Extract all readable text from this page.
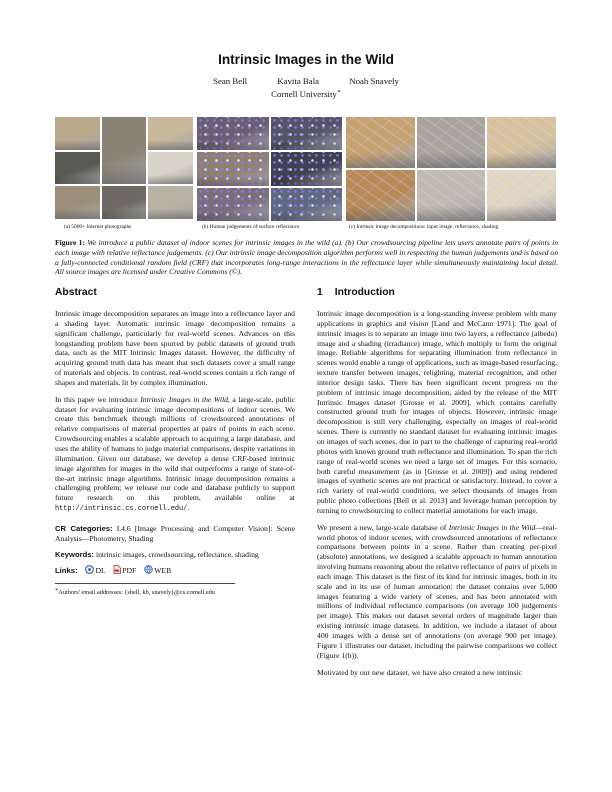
Intrinsic Images in the Wild
Sean Bell	Kavita Bala	Noah Snavely
Cornell University∗
(a) 5000+ Internet photographs	(b) Human judgements of surface reflectance	(c) Intrinsic image decompositions: input image, reflectance, shading
Figure 1: We introduce a public dataset of indoor scenes for intrinsic images in the wild (a). (b) Our crowdsourcing pipeline lets users annotate pairs of points in each image with relative reflectance judgements. (c) Our intrinsic image decomposition algorithm performs well in respecting the human judgements and is based on a fully-connected conditional random field (CRF) that incorporates long-range interactions in the reflectance layer while simultaneously maintaining local detail. All source images are licensed under Creative Commons (©).
Abstract

Intrinsic image decomposition separates an image into a reflectance layer and a shading layer. Automatic intrinsic image decomposition remains a significant challenge, particularly for real-world scenes. Advances on this longstanding problem have been spurred by public datasets of ground truth data, such as the MIT Intrinsic Images dataset. However, the difficulty of acquiring ground truth data has meant that such datasets cover a small range of materials and objects. In contrast, real-world scenes contain a rich range of shapes and materials, lit by complex illumination.

In this paper we introduce Intrinsic Images in the Wild, a large-scale, public dataset for evaluating intrinsic image decompositions of indoor scenes. We create this benchmark through millions of crowdsourced annotations of relative comparisons of material properties at pairs of points in each scene. Crowdsourcing enables a scalable approach to acquiring a large database, and uses the ability of humans to judge material comparisons, despite variations in illumination. Given our database, we develop a dense CRF-based intrinsic image algorithm for images in the wild that outperforms a range of state-of-the-art intrinsic image algorithms. Intrinsic image decomposition remains a challenging problem; we release our code and database publicly to support future research on this problem, available online at http://intrinsic.cs.cornell.edu/.

CR Categories: I.4.6 [Image Processing and Computer Vision]: Scene Analysis—Photometry, Shading
Keywords: intrinsic images, crowdsourcing, reflectance, shading
Links: DL PDF WEB
∗Authors' email addresses: {sbell, kb, snavely}@cs.cornell.edu
1 Introduction

Intrinsic image decomposition is a long-standing inverse problem with many applications in graphics and vision [Land and McCann 1971]. The goal of intrinsic images is to separate an image into two layers, a reflectance (albedo) image and a shading (irradiance) image, which multiply to form the original image. Reliable algorithms for separating illumination from reflectance in scenes would enable a range of applications, such as image-based resurfacing, texture transfer between images, relighting, material recognition, and other interior design tasks. There has been significant recent progress on the problem of intrinsic image decomposition, aided by the release of the MIT Intrinsic Images dataset [Grosse et al. 2009], which contains carefully constructed ground truth for images of objects. However, intrinsic image decomposition is still very challenging, especially on images of real-world scenes. There is currently no standard dataset for evaluating intrinsic images on images of such scenes, due in part to the challenge of capturing real-world photos with known ground truth reflectance and illumination. To span the rich range of real-world scenes we need a large set of images. For this scenario, both careful measurement (as in [Grosse et al. 2009]) and using rendered images of synthetic scenes are not practical or satisfactory. Instead, to cover a rich variety of real-world conditions, we select thousands of images from public photo collections [Bell et al. 2013] and leverage human perception by turning to crowdsourcing to collect material annotations for each image.

We present a new, large-scale database of Intrinsic Images in the Wild—real-world photos of indoor scenes, with crowdsourced annotations of reflectance comparisons between points in a scene. Rather than creating per-pixel (absolute) annotations, we designed a scalable approach to human annotation involving humans reasoning about the relative reflectance of pairs of pixels in each image. This dataset is the first of its kind for intrinsic images, both in its scale and in its use of human annotation: the dataset contains over 5,000 images featuring a wide variety of scenes, and has been annotated with millions of individual reflectance comparisons (on average 100 judgements per image). This makes our dataset several orders of magnitude larger than existing intrinsic image datasets. In addition, we include a dataset of about 400 images with a dense set of annotations (on average 900 per image). Figure 1 illustrates our dataset, including the pairwise comparisons we collect (Figure 1(b)).

Motivated by our new dataset, we have also created a new intrinsic
